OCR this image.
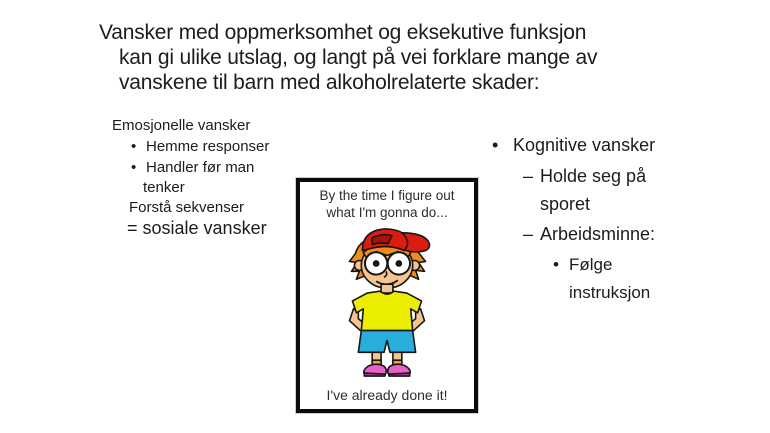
Vansker med oppmerksomhet og eksekutive funksjon
kan gi ulike utslag, og langt på vei forklare mange av
vanskene til barn med alkoholrelaterte skader:
Emosjonelle vansker
• Hemme responser
• Handler før man
tenker
Forstå sekvenser
= sosiale vansker
• Kognitive vansker
– Holde seg på
sporet
– Arbeidsminne:
• Følge
instruksjon
By the time I figure out
what I'm gonna do...
I've already done it!
